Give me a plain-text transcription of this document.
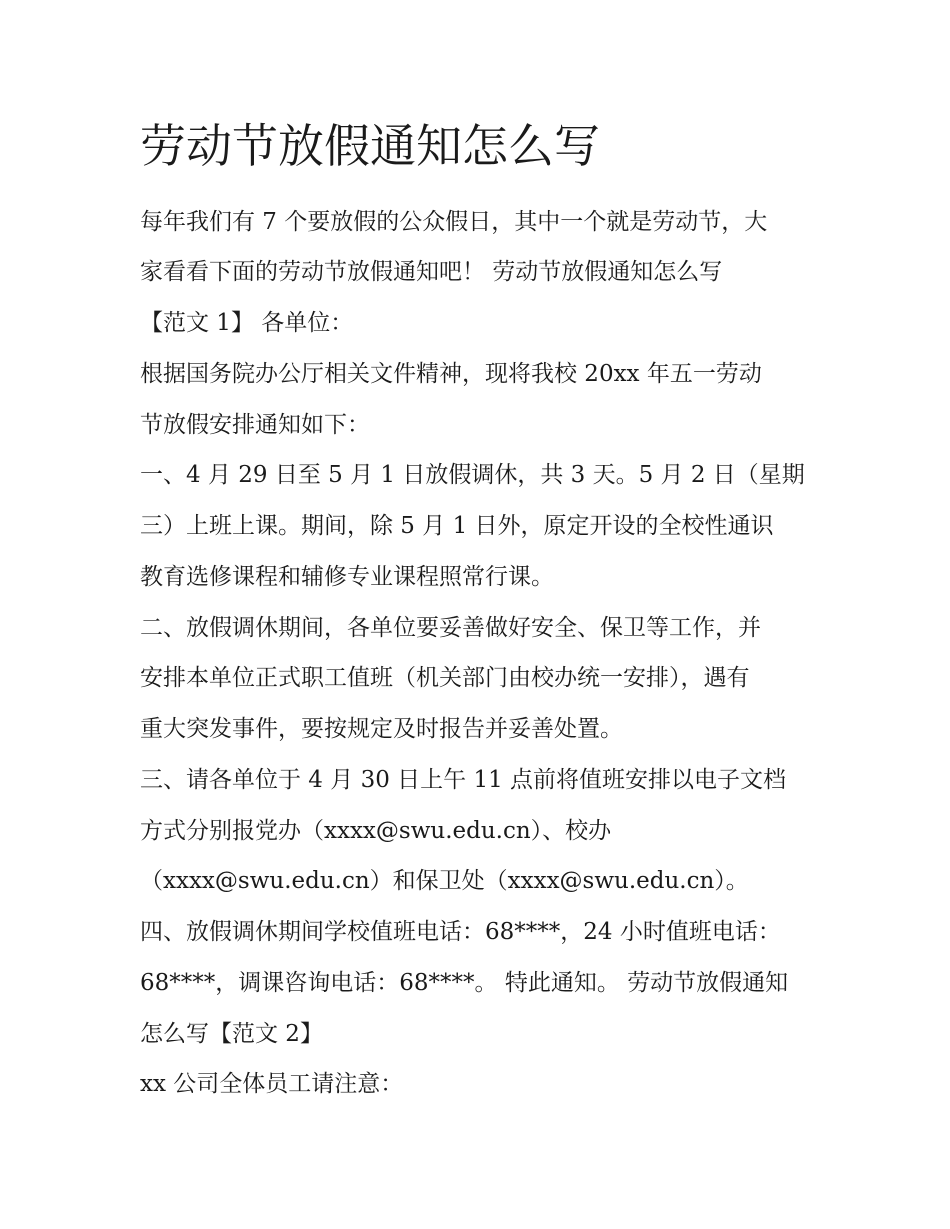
劳动节放假通知怎么写

每年我们有 7 个要放假的公众假日，其中一个就是劳动节，大

家看看下面的劳动节放假通知吧！ 劳动节放假通知怎么写

【范文 1】 各单位：

根据国务院办公厅相关文件精神，现将我校 20xx 年五一劳动

节放假安排通知如下：

一、4 月 29 日至 5 月 1 日放假调休，共 3 天。5 月 2 日（星期

三）上班上课。期间，除 5 月 1 日外，原定开设的全校性通识

教育选修课程和辅修专业课程照常行课。

二、放假调休期间，各单位要妥善做好安全、保卫等工作，并

安排本单位正式职工值班（机关部门由校办统一安排），遇有

重大突发事件，要按规定及时报告并妥善处置。

三、请各单位于 4 月 30 日上午 11 点前将值班安排以电子文档

方式分别报党办（xxxx@swu.edu.cn）、校办

（xxxx@swu.edu.cn）和保卫处（xxxx@swu.edu.cn）。

四、放假调休期间学校值班电话：68****，24 小时值班电话：

68****，调课咨询电话：68****。 特此通知。 劳动节放假通知

怎么写【范文 2】

xx 公司全体员工请注意：
